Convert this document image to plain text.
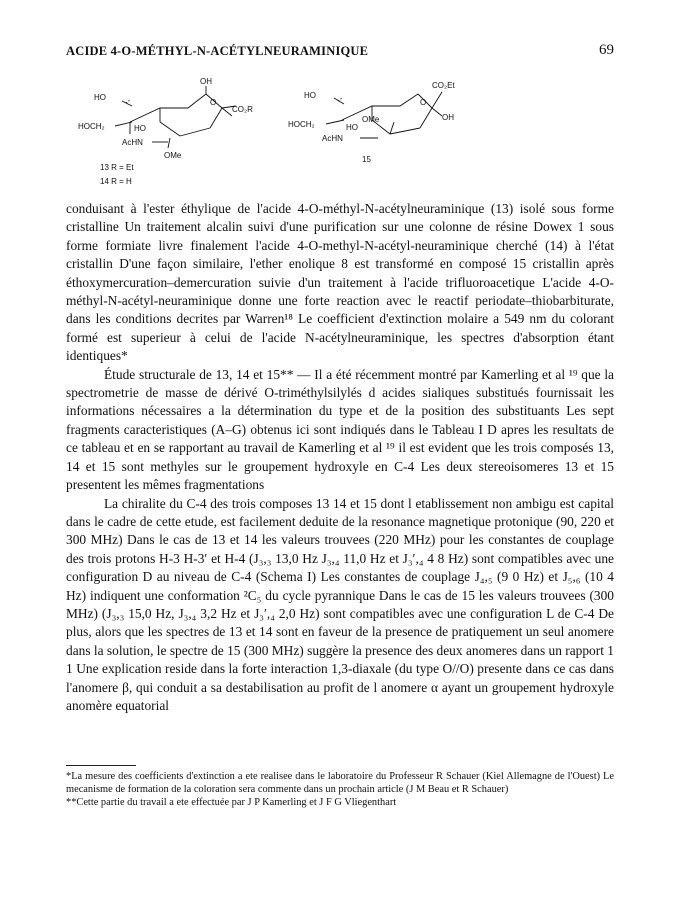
ACIDE 4-O-MÉTHYL-N-ACÉTYLNEURAMINIQUE	69
HO
OH
CO₂R
O
HOCH₂	HO
AcHN
OMe
13 R = Et
14 R = H
HO
CO₂Et
OH
O
HOCH₂	HO
OMe
AcHN
15

conduisant à l'ester éthylique de l'acide 4-O-méthyl-N-acétylneuraminique (13) isolé sous forme cristalline Un traitement alcalin suivi d'une purification sur une colonne de résine Dowex 1 sous forme formiate livre finalement l'acide 4-O-methyl-N-acétyl-neuraminique cherché (14) à l'état cristallin D'une façon similaire, l'ether enolique 8 est transformé en composé 15 cristallin après éthoxymercuration–demercuration suivie d'un traitement à l'acide trifluoroacetique L'acide 4-O-méthyl-N-acétyl-neuraminique donne une forte reaction avec le reactif periodate–thiobarbiturate, dans les conditions decrites par Warren¹⁸ Le coefficient d'extinction molaire a 549 nm du colorant formé est superieur à celui de l'acide N-acétylneuraminique, les spectres d'absorption étant identiques*

Étude structurale de 13, 14 et 15** — Il a été récemment montré par Kamerling et al ¹⁹ que la spectrometrie de masse de dérivé O-triméthylsilylés d acides sialiques substitués fournissait les informations nécessaires a la détermination du type et de la position des substituants Les sept fragments caracteristiques (A–G) obtenus ici sont indiqués dans le Tableau I D apres les resultats de ce tableau et en se rapportant au travail de Kamerling et al ¹⁹ il est evident que les trois composés 13, 14 et 15 sont methyles sur le groupement hydroxyle en C-4 Les deux stereoisomeres 13 et 15 presentent les mêmes fragmentations

La chiralite du C-4 des trois composes 13 14 et 15 dont l etablissement non ambigu est capital dans le cadre de cette etude, est facilement deduite de la resonance magnetique protonique (90, 220 et 300 MHz) Dans le cas de 13 et 14 les valeurs trouvees (220 MHz) pour les constantes de couplage des trois protons H-3 H-3′ et H-4 (J₃,₃ 13,0 Hz J₃,₄ 11,0 Hz et J₃′,₄ 4 8 Hz) sont compatibles avec une configuration D au niveau de C-4 (Schema I) Les constantes de couplage J₄,₅ (9 0 Hz) et J₅,₆ (10 4 Hz) indiquent une conformation ²C₅ du cycle pyrannique Dans le cas de 15 les valeurs trouvees (300 MHz) (J₃,₃ 15,0 Hz, J₃,₄ 3,2 Hz et J₃′,₄ 2,0 Hz) sont compatibles avec une configuration L de C-4 De plus, alors que les spectres de 13 et 14 sont en faveur de la presence de pratiquement un seul anomere dans la solution, le spectre de 15 (300 MHz) suggère la presence des deux anomeres dans un rapport 1 1 Une explication reside dans la forte interaction 1,3-diaxale (du type O//O) presente dans ce cas dans l'anomere β, qui conduit a sa destabilisation au profit de l anomere α ayant un groupement hydroxyle anomère equatorial

*La mesure des coefficients d'extinction a ete realisee dans le laboratoire du Professeur R Schauer (Kiel Allemagne de l'Ouest) Le mecanisme de formation de la coloration sera commente dans un prochain article (J M Beau et R Schauer)

**Cette partie du travail a ete effectuée par J P Kamerling et J F G Vliegenthart
